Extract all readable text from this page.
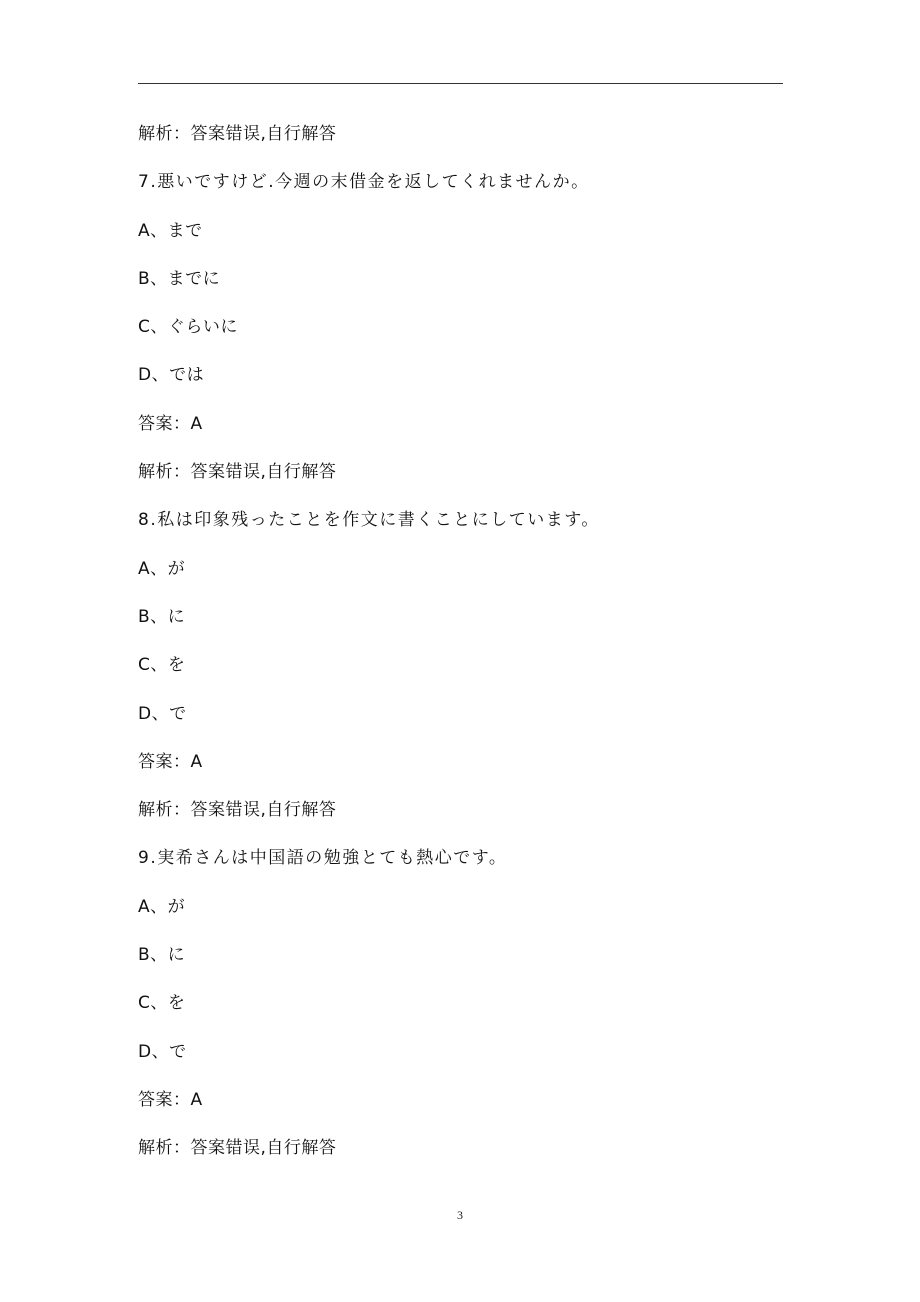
解析：答案错误,自行解答
7.悪いですけど.今週の末借金を返してくれませんか。
A、まで
B、までに
C、ぐらいに
D、では
答案：A
解析：答案错误,自行解答
8.私は印象残ったことを作文に書くことにしています。
A、が
B、に
C、を
D、で
答案：A
解析：答案错误,自行解答
9.実希さんは中国語の勉強とても熱心です。
A、が
B、に
C、を
D、で
答案：A
解析：答案错误,自行解答
3
